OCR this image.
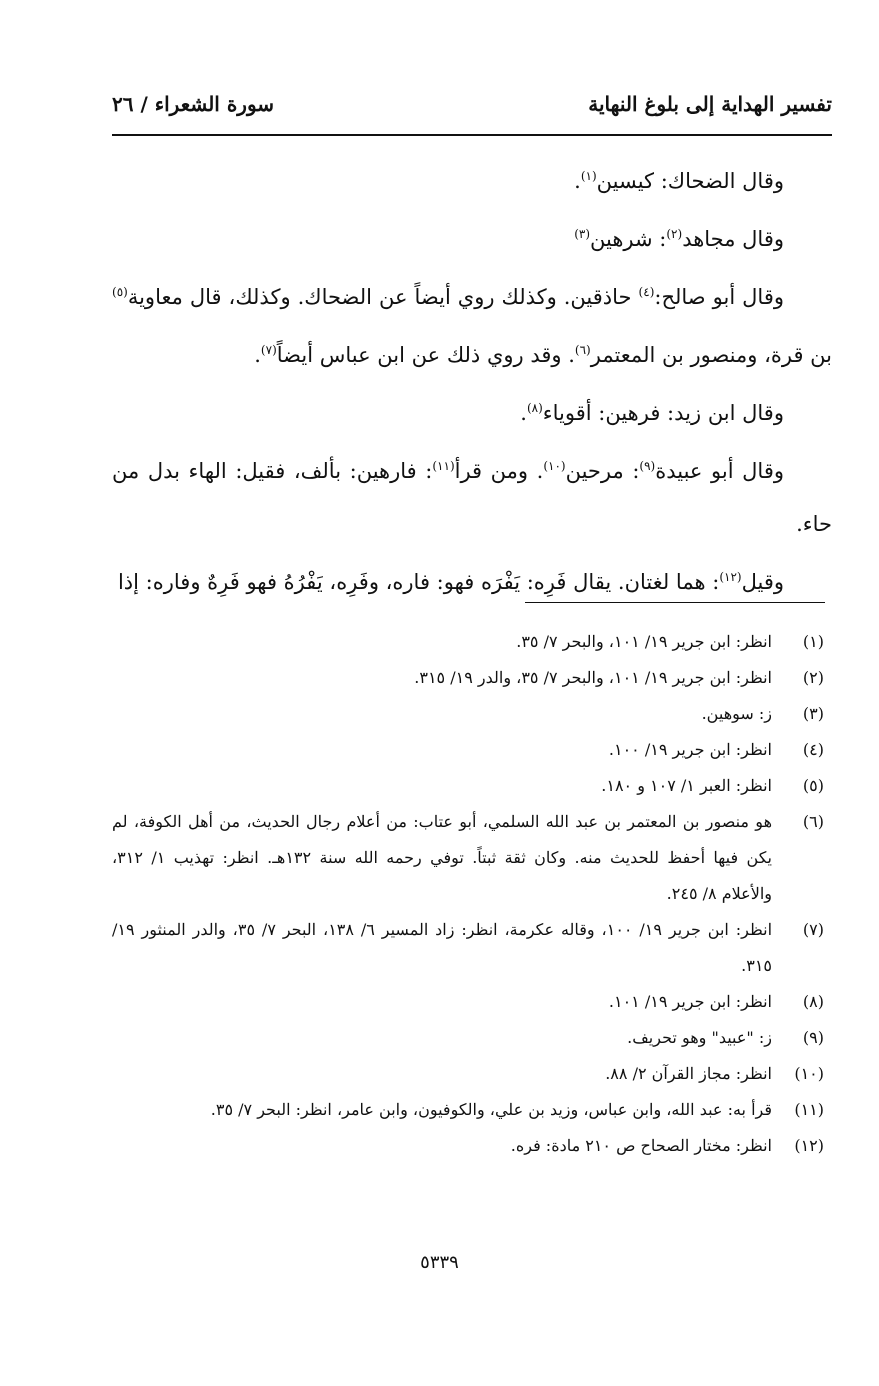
تفسير الهداية إلى بلوغ النهاية
سورة الشعراء / ٢٦

وقال الضحاك: كيسين$^{(١)}$.

وقال مجاهد$^{(٢)}$: شرهين$^{(٣)}$

وقال أبو صالح:$^{(٤)}$ حاذقين. وكذلك روي أيضاً عن الضحاك. وكذلك، قال معاوية$^{(٥)}$ بن قرة، ومنصور بن المعتمر$^{(٦)}$. وقد روي ذلك عن ابن عباس أيضاً$^{(٧)}$.

وقال ابن زيد: فرهين: أقوياء$^{(٨)}$.

وقال أبو عبيدة$^{(٩)}$: مرحين$^{(١٠)}$. ومن قرأ$^{(١١)}$: فارهين: بألف، فقيل: الهاء بدل من حاء.

وقيل$^{(١٢)}$: هما لغتان. يقال فَرِه: يَفْرَه فهو: فاره، وفَرِه، يَفْرُهُ فهو فَرِهٌ وفاره: إذا

(١)
انظر: ابن جرير ١٩/ ١٠١، والبحر ٧/ ٣٥.
(٢)
انظر: ابن جرير ١٩/ ١٠١، والبحر ٧/ ٣٥، والدر ١٩/ ٣١٥.
(٣)
ز: سوهين.
(٤)
انظر: ابن جرير ١٩/ ١٠٠.
(٥)
انظر: العبر ١/ ١٠٧ و ١٨٠.
(٦)
هو منصور بن المعتمر بن عبد الله السلمي، أبو عتاب: من أعلام رجال الحديث، من أهل الكوفة، لم يكن فيها أحفظ للحديث منه. وكان ثقة ثبتاً. توفي رحمه الله سنة ١٣٢هـ. انظر: تهذيب ١/ ٣١٢، والأعلام ٨/ ٢٤٥.
(٧)
انظر: ابن جرير ١٩/ ١٠٠، وقاله عكرمة، انظر: زاد المسير ٦/ ١٣٨، البحر ٧/ ٣٥، والدر المنثور ١٩/ ٣١٥.
(٨)
انظر: ابن جرير ١٩/ ١٠١.
(٩)
ز: "عبيد" وهو تحريف.
(١٠)
انظر: مجاز القرآن ٢/ ٨٨.
(١١)
قرأ به: عبد الله، وابن عباس، وزيد بن علي، والكوفيون، وابن عامر، انظر: البحر ٧/ ٣٥.
(١٢)
انظر: مختار الصحاح ص ٢١٠ مادة: فره.
٥٣٣٩
